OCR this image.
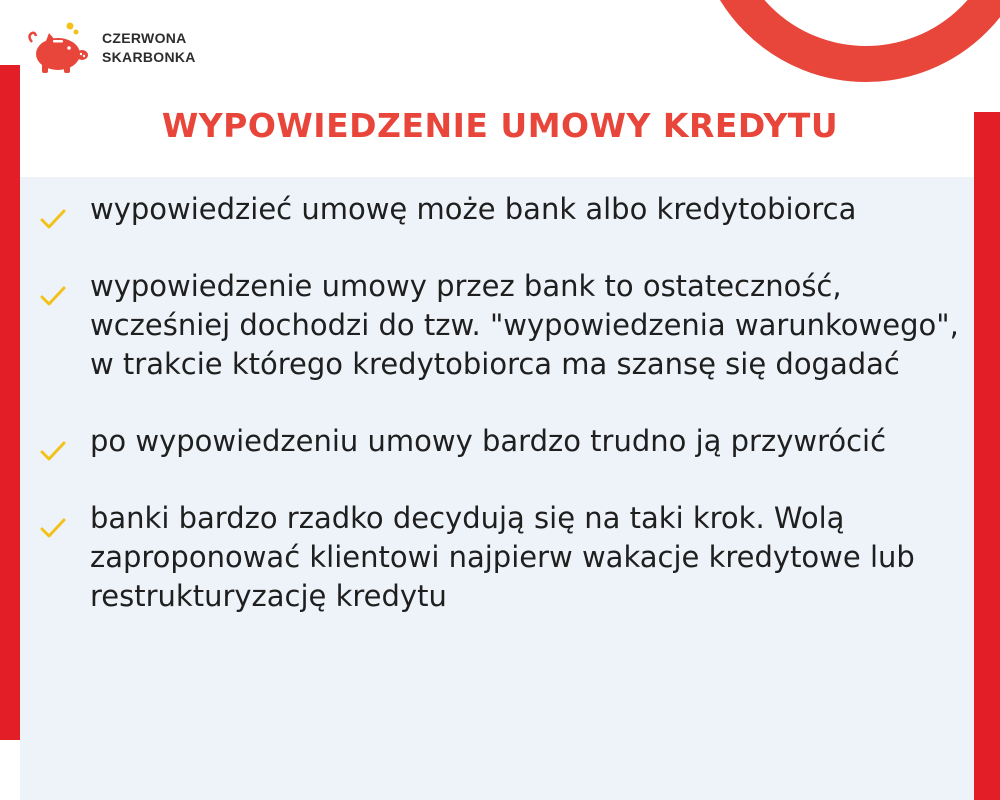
CZERWONA
SKARBONKA
WYPOWIEDZENIE UMOWY KREDYTU
wypowiedzieć umowę może bank albo kredytobiorca
wypowiedzenie umowy przez bank to ostateczność, wcześniej dochodzi do tzw. "wypowiedzenia warunkowego", w trakcie którego kredytobiorca ma szansę się dogadać
po wypowiedzeniu umowy bardzo trudno ją przywrócić
banki bardzo rzadko decydują się na taki krok. Wolą zaproponować klientowi najpierw wakacje kredytowe lub restrukturyzację kredytu
